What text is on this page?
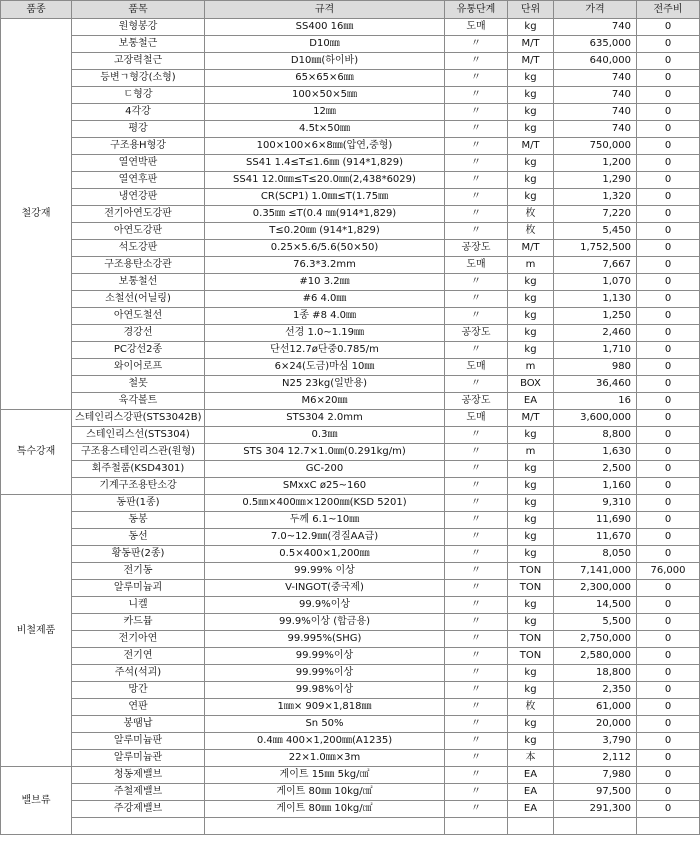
품종	품목	규격	유통단계	단위	가격	전주비
철강재	원형봉강	SS400 16㎜	도매	kg	740	0
	보통철근	D10㎜	〃	M/T	635,000	0
	고장력철근	D10㎜(하이바)	〃	M/T	640,000	0
	등변ㄱ형강(소형)	65×65×6㎜	〃	kg	740	0
	ㄷ형강	100×50×5㎜	〃	kg	740	0
	4각강	12㎜	〃	kg	740	0
	평강	4.5t×50㎜	〃	kg	740	0
	구조용H형강	100×100×6×8㎜(압연,중형)	〃	M/T	750,000	0
	열연박판	SS41 1.4≤T≤1.6㎜ (914*1,829)	〃	kg	1,200	0
	열연후판	SS41 12.0㎜≤T≤20.0㎜(2,438*6029)	〃	kg	1,290	0
	냉연강판	CR(SCP1) 1.0㎜≤T(1.75㎜	〃	kg	1,320	0
	전기아연도강판	0.35㎜ ≤T(0.4 ㎜(914*1,829)	〃	枚	7,220	0
	아연도강판	T≤0.20㎜ (914*1,829)	〃	枚	5,450	0
	석도강판	0.25×5.6/5.6(50×50)	공장도	M/T	1,752,500	0
	구조용탄소강관	76.3*3.2mm	도매	m	7,667	0
	보통철선	#10 3.2㎜	〃	kg	1,070	0
	소철선(어닐링)	#6 4.0㎜	〃	kg	1,130	0
	아연도철선	1종 #8 4.0㎜	〃	kg	1,250	0
	경강선	선경 1.0~1.19㎜	공장도	kg	2,460	0
	PC강선2종	단선12.7ø단중0.785/m	〃	kg	1,710	0
	와이어로프	6×24(도금)마심 10㎜	도매	m	980	0
	철못	N25 23kg(일반용)	〃	BOX	36,460	0
	육각볼트	M6×20㎜	공장도	EA	16	0
특수강재	스테인리스강판(STS3042B)	STS304 2.0mm	도매	M/T	3,600,000	0
	스테인리스선(STS304)	0.3㎜	〃	kg	8,800	0
	구조용스테인리스관(원형)	STS 304 12.7×1.0㎜(0.291kg/m)	〃	m	1,630	0
	회주철품(KSD4301)	GC-200	〃	kg	2,500	0
	기계구조용탄소강	SMxxC ø25~160	〃	kg	1,160	0
비철제품	동판(1종)	0.5㎜×400㎜×1200㎜(KSD 5201)	〃	kg	9,310	0
	동봉	두께 6.1~10㎜	〃	kg	11,690	0
	동선	7.0~12.9㎜(경질AA급)	〃	kg	11,670	0
	황동판(2종)	0.5×400×1,200㎜	〃	kg	8,050	0
	전기동	99.99% 이상	〃	TON	7,141,000	76,000
	알루미늄괴	V-INGOT(중국제)	〃	TON	2,300,000	0
	니켈	99.9%이상	〃	kg	14,500	0
	카드뮴	99.9%이상 (합금용)	〃	kg	5,500	0
	전기아연	99.995%(SHG)	〃	TON	2,750,000	0
	전기연	99.99%이상	〃	TON	2,580,000	0
	주석(석괴)	99.99%이상	〃	kg	18,800	0
	망간	99.98%이상	〃	kg	2,350	0
	연판	1㎜× 909×1,818㎜	〃	枚	61,000	0
	봉땜납	Sn 50%	〃	kg	20,000	0
	알루미늄판	0.4㎜ 400×1,200㎜(A1235)	〃	kg	3,790	0
	알루미늄관	22×1.0㎜×3m	〃	本	2,112	0
밸브류	청동제밸브	게이트 15㎜ 5kg/㎠	〃	EA	7,980	0
	주철제밸브	게이트 80㎜ 10kg/㎠	〃	EA	97,500	0
	주강제밸브	게이트 80㎜ 10kg/㎠	〃	EA	291,300	0
